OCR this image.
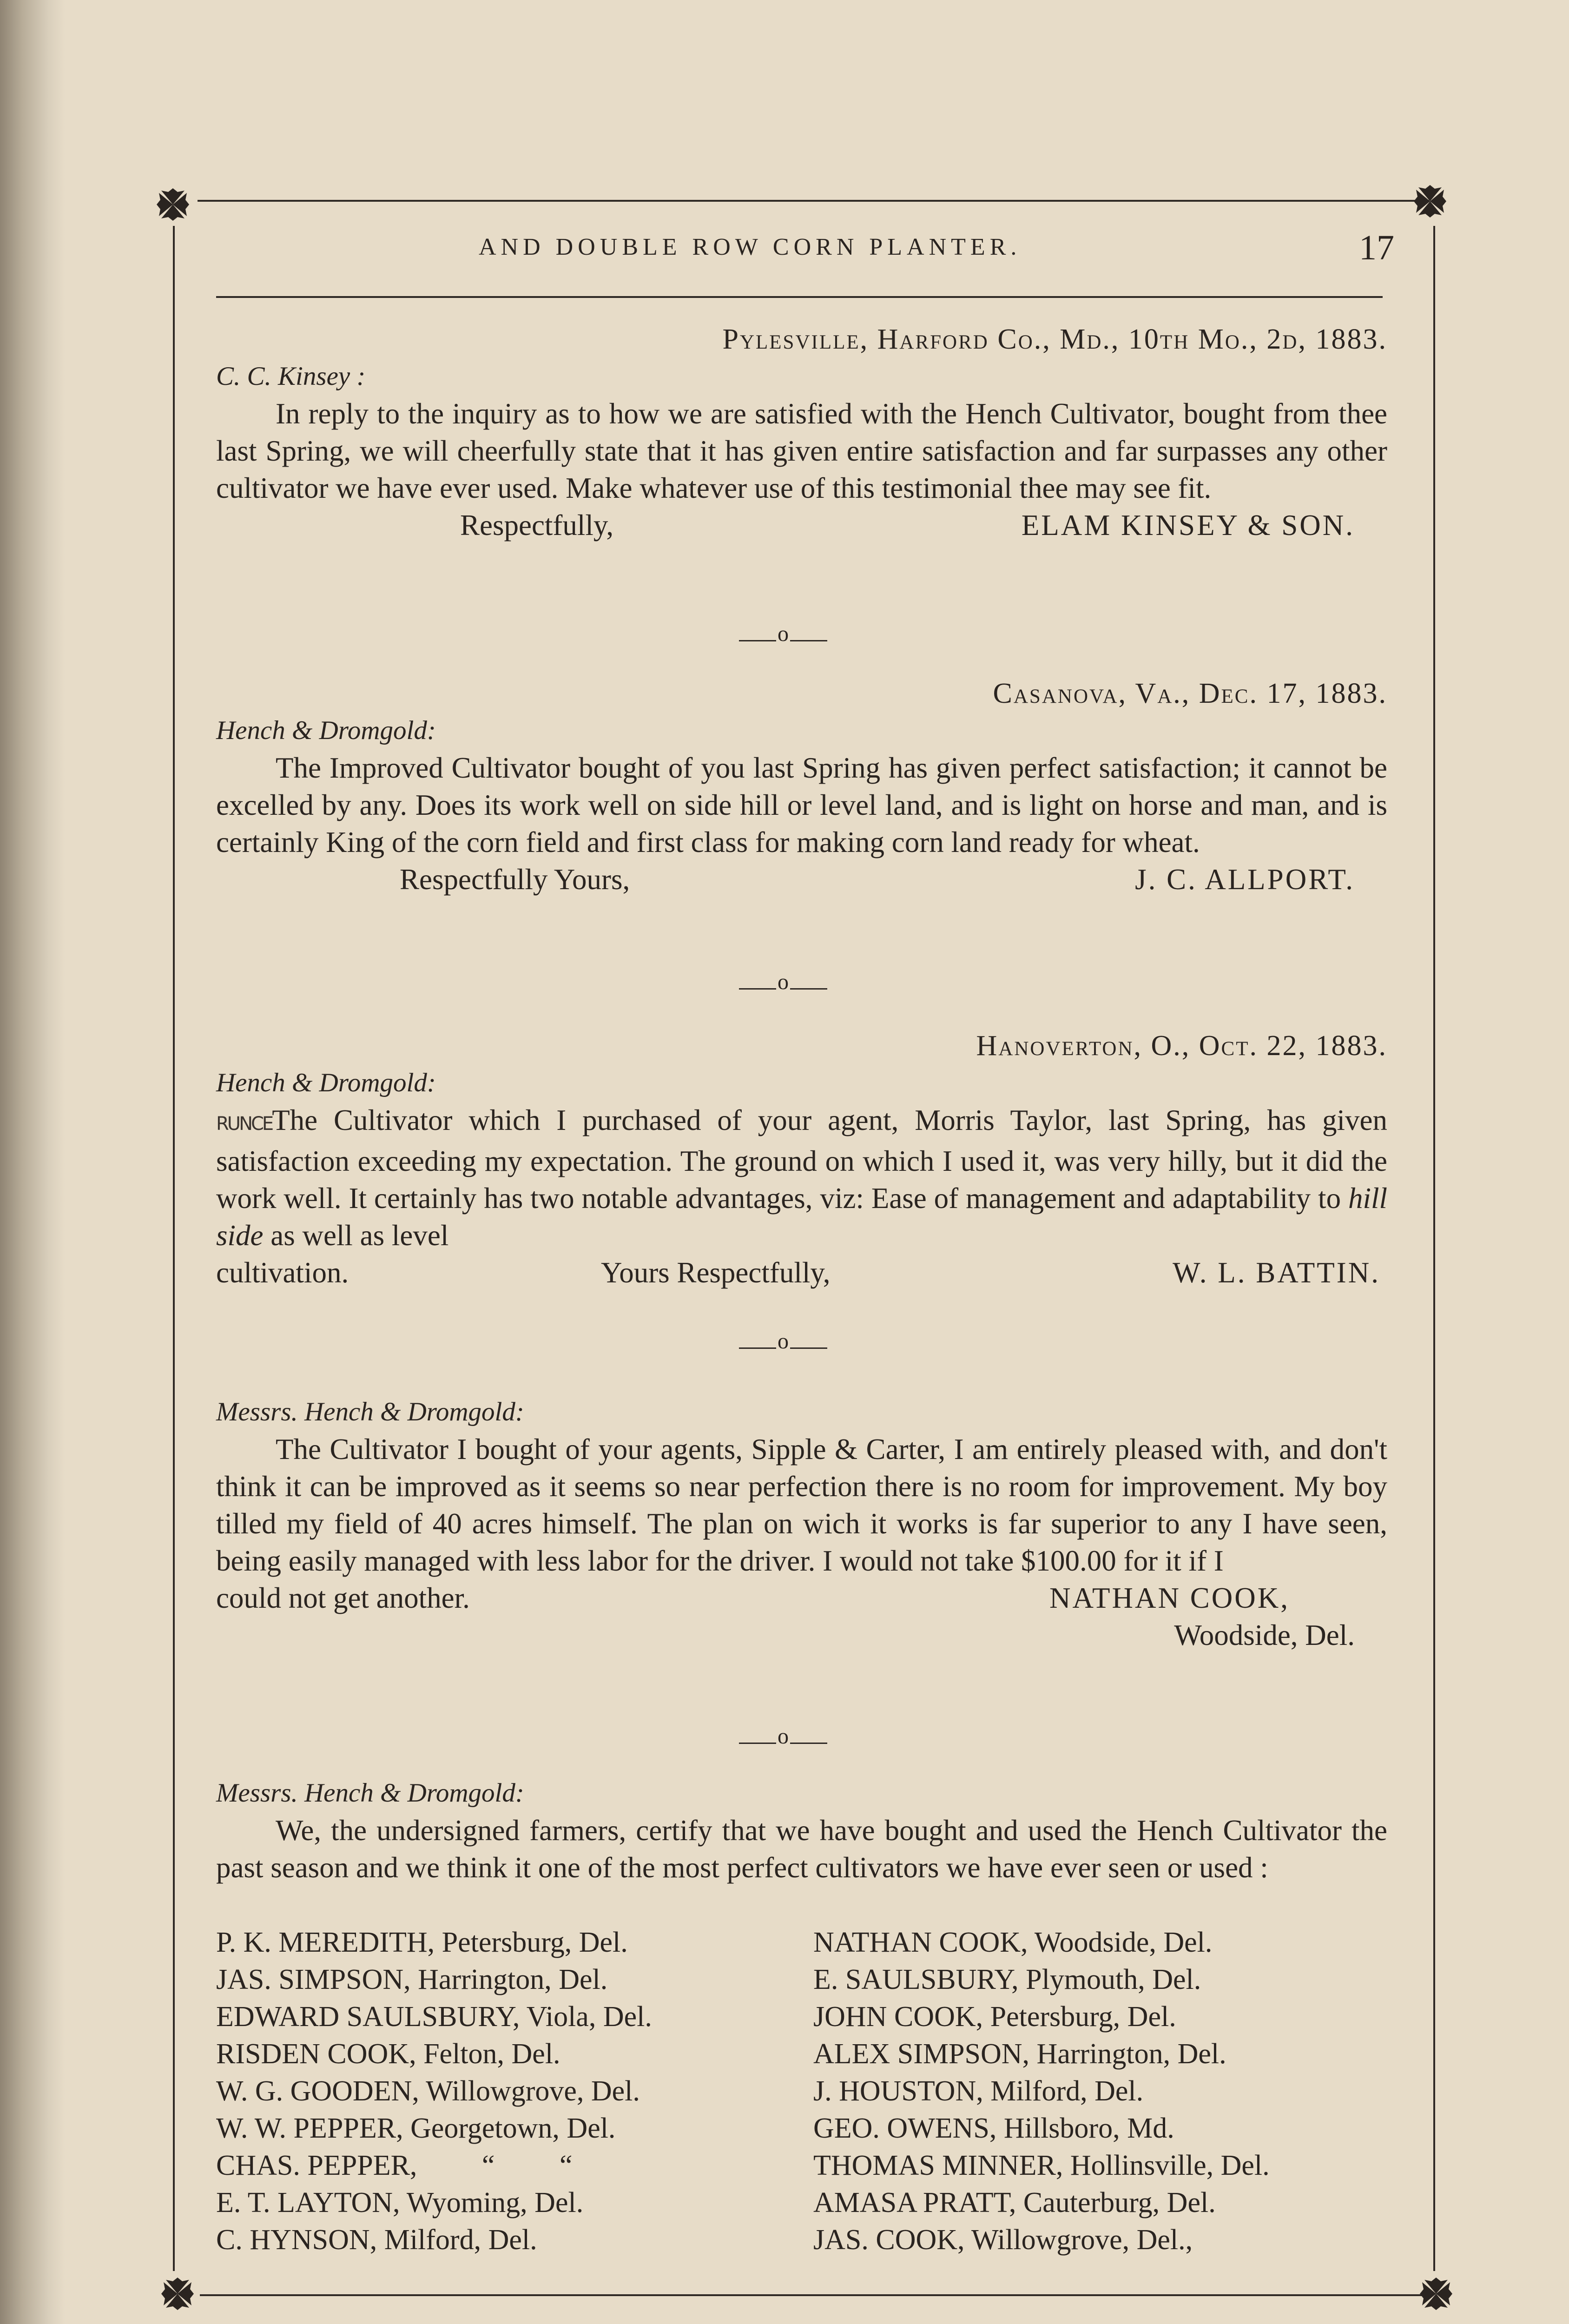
AND DOUBLE ROW CORN PLANTER.	17
Pylesville, Harford Co., Md., 10th Mo., 2d, 1883.
C. C. Kinsey :
In reply to the inquiry as to how we are satisfied with the Hench Cultivator, bought from thee last Spring, we will cheerfully state that it has given entire satisfaction and far surpasses any other cultivator we have ever used. Make whatever use of this testimonial thee may see fit.
Respectfully,	ELAM KINSEY & SON.
o
Casanova, Va., Dec. 17, 1883.
Hench & Dromgold:
The Improved Cultivator bought of you last Spring has given perfect satisfaction; it cannot be excelled by any. Does its work well on side hill or level land, and is light on horse and man, and is certainly King of the corn field and first class for making corn land ready for wheat.
Respectfully Yours,	J. C. ALLPORT.
o
Hanoverton, O., Oct. 22, 1883.
Hench & Dromgold:
RUNCEThe Cultivator which I purchased of your agent, Morris Taylor, last Spring, has given satisfaction exceeding my expectation. The ground on which I used it, was very hilly, but it did the work well. It certainly has two notable advantages, viz: Ease of management and adaptability to hill side as well as level
cultivation.	Yours Respectfully,	W. L. BATTIN.
o
Messrs. Hench & Dromgold:
The Cultivator I bought of your agents, Sipple & Carter, I am entirely pleased with, and don't think it can be improved as it seems so near perfection there is no room for improvement. My boy tilled my field of 40 acres himself. The plan on wich it works is far superior to any I have seen, being easily managed with less labor for the driver. I would not take $100.00 for it if I
could not get another.	NATHAN COOK,
Woodside, Del.
o
Messrs. Hench & Dromgold:
We, the undersigned farmers, certify that we have bought and used the Hench Cultivator the past season and we think it one of the most perfect cultivators we have ever seen or used :
P. K. MEREDITH, Petersburg, Del.
JAS. SIMPSON, Harrington, Del.
EDWARD SAULSBURY, Viola, Del.
RISDEN COOK, Felton, Del.
W. G. GOODEN, Willowgrove, Del.
W. W. PEPPER, Georgetown, Del.
CHAS. PEPPER,         “         “
E. T. LAYTON, Wyoming, Del.
C. HYNSON, Milford, Del.
NATHAN COOK, Woodside, Del.
E. SAULSBURY, Plymouth, Del.
JOHN COOK, Petersburg, Del.
ALEX SIMPSON, Harrington, Del.
J. HOUSTON, Milford, Del.
GEO. OWENS, Hillsboro, Md.
THOMAS MINNER, Hollinsville, Del.
AMASA PRATT, Cauterburg, Del.
JAS. COOK, Willowgrove, Del.,
